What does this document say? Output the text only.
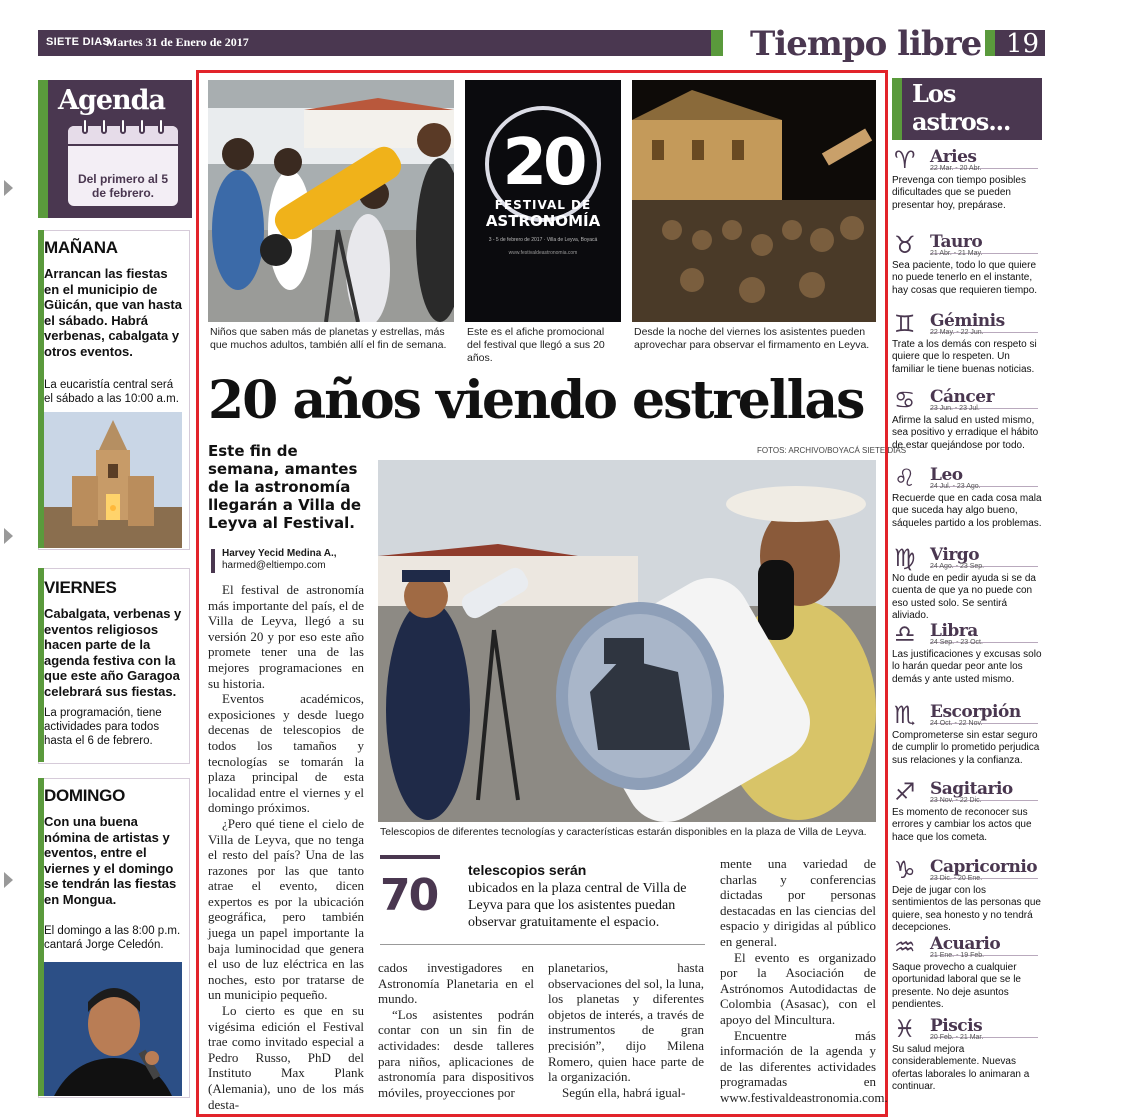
SIETE DIAS
Martes 31 de Enero de 2017	Tiempo libre 19
Agenda
Del primero al 5 de febrero.
MAÑANA
Arrancan las fiestas en el municipio de Güicán, que van hasta el sábado. Habrá verbenas, cabalgata y otros eventos.
La eucaristía central será el sábado a las 10:00 a.m.
VIERNES
Cabalgata, verbenas y eventos religiosos hacen parte de la agenda festiva con la que este año Garagoa celebrará sus fiestas.
La programación, tiene actividades para todos hasta el 6 de febrero.
DOMINGO
Con una buena nómina de artistas y eventos, entre el viernes y el domingo se tendrán las fiestas en Mongua.
El domingo a las 8:00 p.m. cantará Jorge Celedón.
Niños que saben más de planetas y estrellas, más que muchos adultos, también allí el fin de semana.
20
FESTIVAL DE
ASTRONOMÍA
3 - 5 de febrero de 2017 · Villa de Leyva, Boyacá
www.festivaldeastronomia.com
Este es el afiche promocional del festival que llegó a sus 20 años.
Desde la noche del viernes los asistentes pueden aprovechar para observar el firmamento en Leyva.
20 años viendo estrellas
FOTOS: ARCHIVO/BOYACÁ SIETE DÍAS
Este fin de semana, amantes de la astronomía llegarán a Villa de Leyva al Festival.
Harvey Yecid Medina A.,
harmed@eltiempo.com
Telescopios de diferentes tecnologías y características estarán disponibles en la plaza de Villa de Leyva.

El festival de astronomía más importante del país, el de Villa de Leyva, llegó a su versión 20 y por eso este año promete tener una de las mejores programaciones en su historia.

Eventos académicos, exposiciones y desde luego decenas de telescopios de todos los tamaños y tecnologías se tomarán la plaza principal de esta localidad entre el viernes y el domingo próximos.

¿Pero qué tiene el cielo de Villa de Leyva, que no tenga el resto del país? Una de las razones por las que tanto atrae el evento, dicen expertos es por la ubicación geográfica, pero también juega un papel importante la baja luminocidad que genera el uso de luz eléctrica en las noches, esto por tratarse de un municipio pequeño.

Lo cierto es que en su vigésima edición el Festival trae como invitado especial a Pedro Russo, PhD del Instituto Max Plank (Alemania), uno de los más desta-

70 telescopios serán
ubicados en la plaza central de Villa de Leyva para que los asistentes puedan observar gratuitamente el espacio.

cados investigadores en Astronomía Planetaria en el mundo.

“Los asistentes podrán contar con un sin fin de actividades: desde talleres para niños, aplicaciones de astronomía para dispositivos móviles, proyecciones por

planetarios, hasta observaciones del sol, la luna, los planetas y diferentes objetos de interés, a través de instrumentos de gran precisión”, dijo Milena Romero, quien hace parte de la organización.

Según ella, habrá igual-

mente una variedad de charlas y conferencias dictadas por personas destacadas en las ciencias del espacio y dirigidas al público en general.

El evento es organizado por la Asociación de Astrónomos Autodidactas de Colombia (Asasac), con el apoyo del Mincultura.

Encuentre más información de la agenda y de las diferentes actividades programadas en www.festivaldeastronomia.com.

Los astros...
♈ Aries
22 Mar. - 20 Abr.
Prevenga con tiempo posibles dificultades que se pueden presentar hoy, prepárase.
♉ Tauro
21 Abr. - 21 May.
Sea paciente, todo lo que quiere no puede tenerlo en el instante, hay cosas que requieren tiempo.
♊ Géminis
22 May. - 22 Jun.
Trate a los demás con respeto si quiere que lo respeten. Un familiar le tiene buenas noticias.
♋ Cáncer
23 Jun. - 23 Jul.
Afirme la salud en usted mismo, sea positivo y erradique el hábito de estar quejándose por todo.
♌ Leo
24 Jul. - 23 Ago.
Recuerde que en cada cosa mala que suceda hay algo bueno, sáqueles partido a los problemas.
♍ Virgo
24 Ago. - 23 Sep.
No dude en pedir ayuda si se da cuenta de que ya no puede con eso usted solo. Se sentirá aliviado.
♎ Libra
24 Sep. - 23 Oct.
Las justificaciones y excusas solo lo harán quedar peor ante los demás y ante usted mismo.
♏ Escorpión
24 Oct. - 22 Nov.
Comprometerse sin estar seguro de cumplir lo prometido perjudica sus relaciones y la confianza.
♐ Sagitario
23 Nov. - 22 Dic.
Es momento de reconocer sus errores y cambiar los actos que hace que los cometa.
♑ Capricornio
23 Dic. - 20 Ene.
Deje de jugar con los sentimientos de las personas que quiere, sea honesto y no tendrá decepciones.
♒ Acuario
21 Ene. - 19 Feb.
Saque provecho a cualquier oportunidad laboral que se le presente. No deje asuntos pendientes.
♓ Piscis
20 Feb. - 21 Mar.
Su salud mejora considerablemente. Nuevas ofertas laborales lo animaran a continuar.
